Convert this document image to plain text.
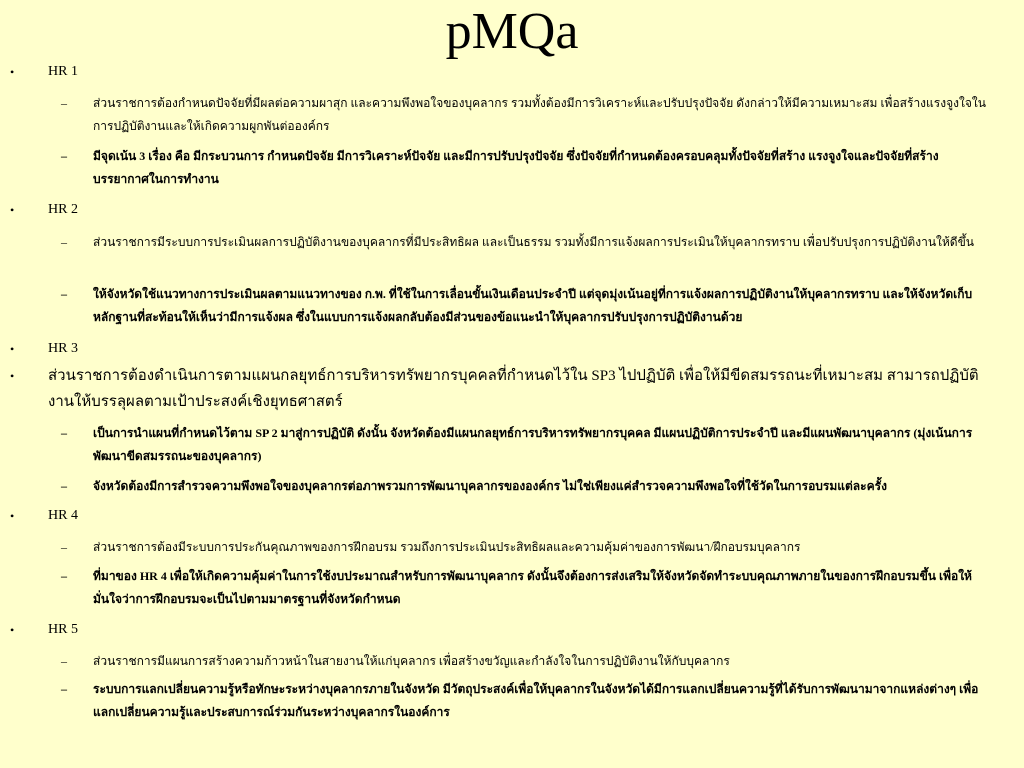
pMQa
• HR 1
– ส่วนราชการต้องกำหนดปัจจัยที่มีผลต่อความผาสุก และความพึงพอใจของบุคลากร รวมทั้งต้องมีการวิเคราะห์และปรับปรุงปัจจัย ดังกล่าวให้มีความเหมาะสม เพื่อสร้างแรงจูงใจในการปฏิบัติงานและให้เกิดความผูกพันต่อองค์กร
– มีจุดเน้น 3 เรื่อง คือ มีกระบวนการ กำหนดปัจจัย มีการวิเคราะห์ปัจจัย และมีการปรับปรุงปัจจัย ซึ่งปัจจัยที่กำหนดต้องครอบคลุมทั้งปัจจัยที่สร้าง แรงจูงใจและปัจจัยที่สร้างบรรยากาศในการทำงาน
• HR 2
– ส่วนราชการมีระบบการประเมินผลการปฏิบัติงานของบุคลากรที่มีประสิทธิผล และเป็นธรรม รวมทั้งมีการแจ้งผลการประเมินให้บุคลากรทราบ เพื่อปรับปรุงการปฏิบัติงานให้ดีขึ้น
– ให้จังหวัดใช้แนวทางการประเมินผลตามแนวทางของ ก.พ. ที่ใช้ในการเลื่อนขั้นเงินเดือนประจำปี แต่จุดมุ่งเน้นอยู่ที่การแจ้งผลการปฏิบัติงานให้บุคลากรทราบ และให้จังหวัดเก็บหลักฐานที่สะท้อนให้เห็นว่ามีการแจ้งผล ซึ่งในแบบการแจ้งผลกลับต้องมีส่วนของข้อแนะนำให้บุคลากรปรับปรุงการปฏิบัติงานด้วย
• HR 3
• ส่วนราชการต้องดำเนินการตามแผนกลยุทธ์การบริหารทรัพยากรบุคคลที่กำหนดไว้ใน SP3 ไปปฏิบัติ เพื่อให้มีขีดสมรรถนะที่เหมาะสม สามารถปฏิบัติงานให้บรรลุผลตามเป้าประสงค์เชิงยุทธศาสตร์
– เป็นการนำแผนที่กำหนดไว้ตาม SP 2 มาสู่การปฏิบัติ ดังนั้น จังหวัดต้องมีแผนกลยุทธ์การบริหารทรัพยากรบุคคล มีแผนปฏิบัติการประจำปี และมีแผนพัฒนาบุคลากร (มุ่งเน้นการพัฒนาขีดสมรรถนะของบุคลากร)
– จังหวัดต้องมีการสำรวจความพึงพอใจของบุคลากรต่อภาพรวมการพัฒนาบุคลากรขององค์กร ไม่ใช่เพียงแค่สำรวจความพึงพอใจที่ใช้วัดในการอบรมแต่ละครั้ง
• HR 4
– ส่วนราชการต้องมีระบบการประกันคุณภาพของการฝึกอบรม รวมถึงการประเมินประสิทธิผลและความคุ้มค่าของการพัฒนา/ฝึกอบรมบุคลากร
– ที่มาของ HR 4 เพื่อให้เกิดความคุ้มค่าในการใช้งบประมาณสำหรับการพัฒนาบุคลากร ดังนั้นจึงต้องการส่งเสริมให้จังหวัดจัดทำระบบคุณภาพภายในของการฝึกอบรมขึ้น เพื่อให้มั่นใจว่าการฝึกอบรมจะเป็นไปตามมาตรฐานที่จังหวัดกำหนด
• HR 5
– ส่วนราชการมีแผนการสร้างความก้าวหน้าในสายงานให้แก่บุคลากร เพื่อสร้างขวัญและกำลังใจในการปฏิบัติงานให้กับบุคลากร
– ระบบการแลกเปลี่ยนความรู้หรือทักษะระหว่างบุคลากรภายในจังหวัด มีวัตถุประสงค์เพื่อให้บุคลากรในจังหวัดได้มีการแลกเปลี่ยนความรู้ที่ได้รับการพัฒนามาจากแหล่งต่างๆ เพื่อแลกเปลี่ยนความรู้และประสบการณ์ร่วมกันระหว่างบุคลากรในองค์การ
